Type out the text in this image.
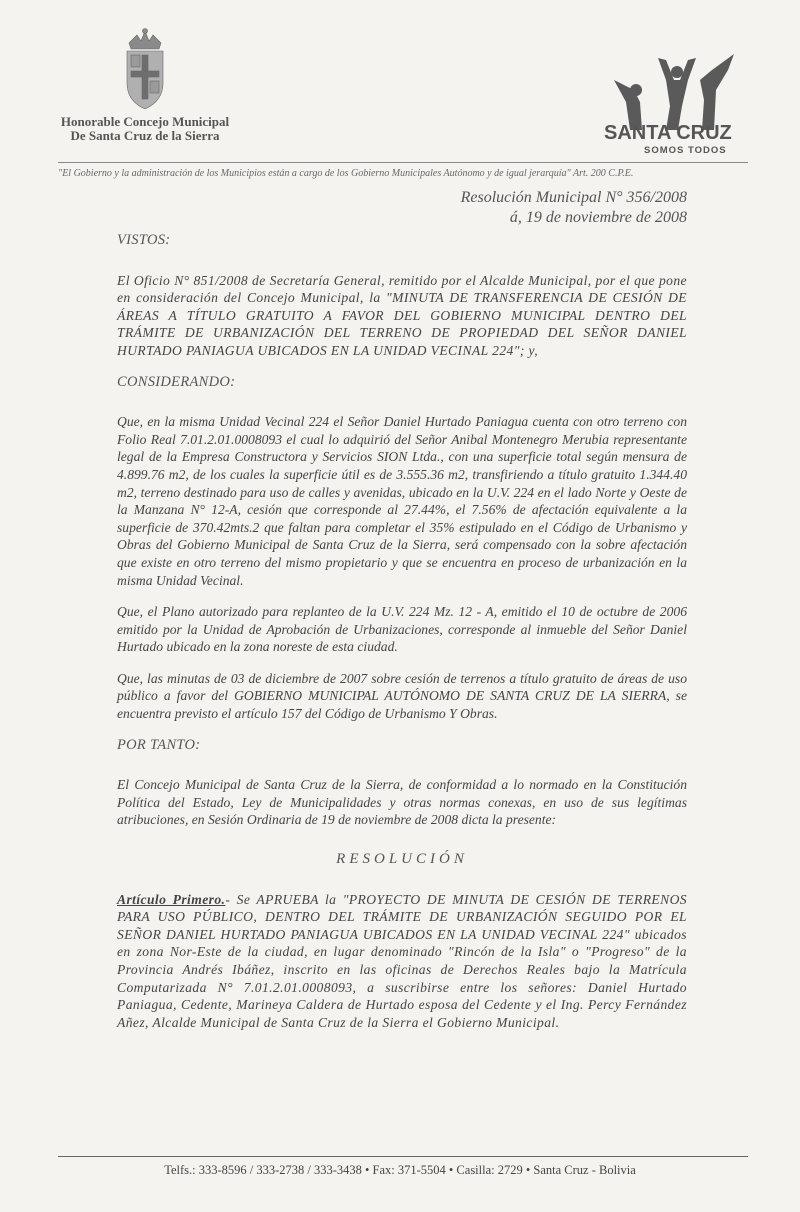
Honorable Concejo Municipal
De Santa Cruz de la Sierra	SANTA CRUZ
SOMOS TODOS
"El Gobierno y la administración de los Municipios están a cargo de los Gobierno Municipales Autónomo y de igual jerarquía" Art. 200 C.P.E.
Resolución Municipal N° 356/2008
á, 19 de noviembre de 2008

VISTOS:

El Oficio N° 851/2008 de Secretaría General, remitido por el Alcalde Municipal, por el que pone en consideración del Concejo Municipal, la "MINUTA DE TRANSFERENCIA DE CESIÓN DE ÁREAS A TÍTULO GRATUITO A FAVOR DEL GOBIERNO MUNICIPAL DENTRO DEL TRÁMITE DE URBANIZACIÓN DEL TERRENO DE PROPIEDAD DEL SEÑOR DANIEL HURTADO PANIAGUA UBICADOS EN LA UNIDAD VECINAL 224"; y,

CONSIDERANDO:

Que, en la misma Unidad Vecinal 224 el Señor Daniel Hurtado Paniagua cuenta con otro terreno con Folio Real 7.01.2.01.0008093 el cual lo adquirió del Señor Anibal Montenegro Merubia representante legal de la Empresa Constructora y Servicios SION Ltda., con una superficie total según mensura de 4.899.76 m2, de los cuales la superficie útil es de 3.555.36 m2, transfiriendo a título gratuito 1.344.40 m2, terreno destinado para uso de calles y avenidas, ubicado en la U.V. 224 en el lado Norte y Oeste de la Manzana N° 12-A, cesión que corresponde al 27.44%, el 7.56% de afectación equivalente a la superficie de 370.42mts.2 que faltan para completar el 35% estipulado en el Código de Urbanismo y Obras del Gobierno Municipal de Santa Cruz de la Sierra, será compensado con la sobre afectación que existe en otro terreno del mismo propietario y que se encuentra en proceso de urbanización en la misma Unidad Vecinal.

Que, el Plano autorizado para replanteo de la U.V. 224 Mz. 12 - A, emitido el 10 de octubre de 2006 emitido por la Unidad de Aprobación de Urbanizaciones, corresponde al inmueble del Señor Daniel Hurtado ubicado en la zona noreste de esta ciudad.

Que, las minutas de 03 de diciembre de 2007 sobre cesión de terrenos a título gratuito de áreas de uso público a favor del GOBIERNO MUNICIPAL AUTÓNOMO DE SANTA CRUZ DE LA SIERRA, se encuentra previsto el artículo 157 del Código de Urbanismo Y Obras.

POR TANTO:

El Concejo Municipal de Santa Cruz de la Sierra, de conformidad a lo normado en la Constitución Política del Estado, Ley de Municipalidades y otras normas conexas, en uso de sus legítimas atribuciones, en Sesión Ordinaria de 19 de noviembre de 2008 dicta la presente:

RESOLUCIÓN

Artículo Primero.- Se APRUEBA la "PROYECTO DE MINUTA DE CESIÓN DE TERRENOS PARA USO PÚBLICO, DENTRO DEL TRÁMITE DE URBANIZACIÓN SEGUIDO POR EL SEÑOR DANIEL HURTADO PANIAGUA UBICADOS EN LA UNIDAD VECINAL 224" ubicados en zona Nor-Este de la ciudad, en lugar denominado "Rincón de la Isla" o "Progreso" de la Provincia Andrés Ibáñez, inscrito en las oficinas de Derechos Reales bajo la Matrícula Computarizada N° 7.01.2.01.0008093, a suscribirse entre los señores: Daniel Hurtado Paniagua, Cedente, Marineya Caldera de Hurtado esposa del Cedente y el Ing. Percy Fernández Añez, Alcalde Municipal de Santa Cruz de la Sierra el Gobierno Municipal.

Telfs.: 333-8596 / 333-2738 / 333-3438 • Fax: 371-5504 • Casilla: 2729 • Santa Cruz - Bolivia
